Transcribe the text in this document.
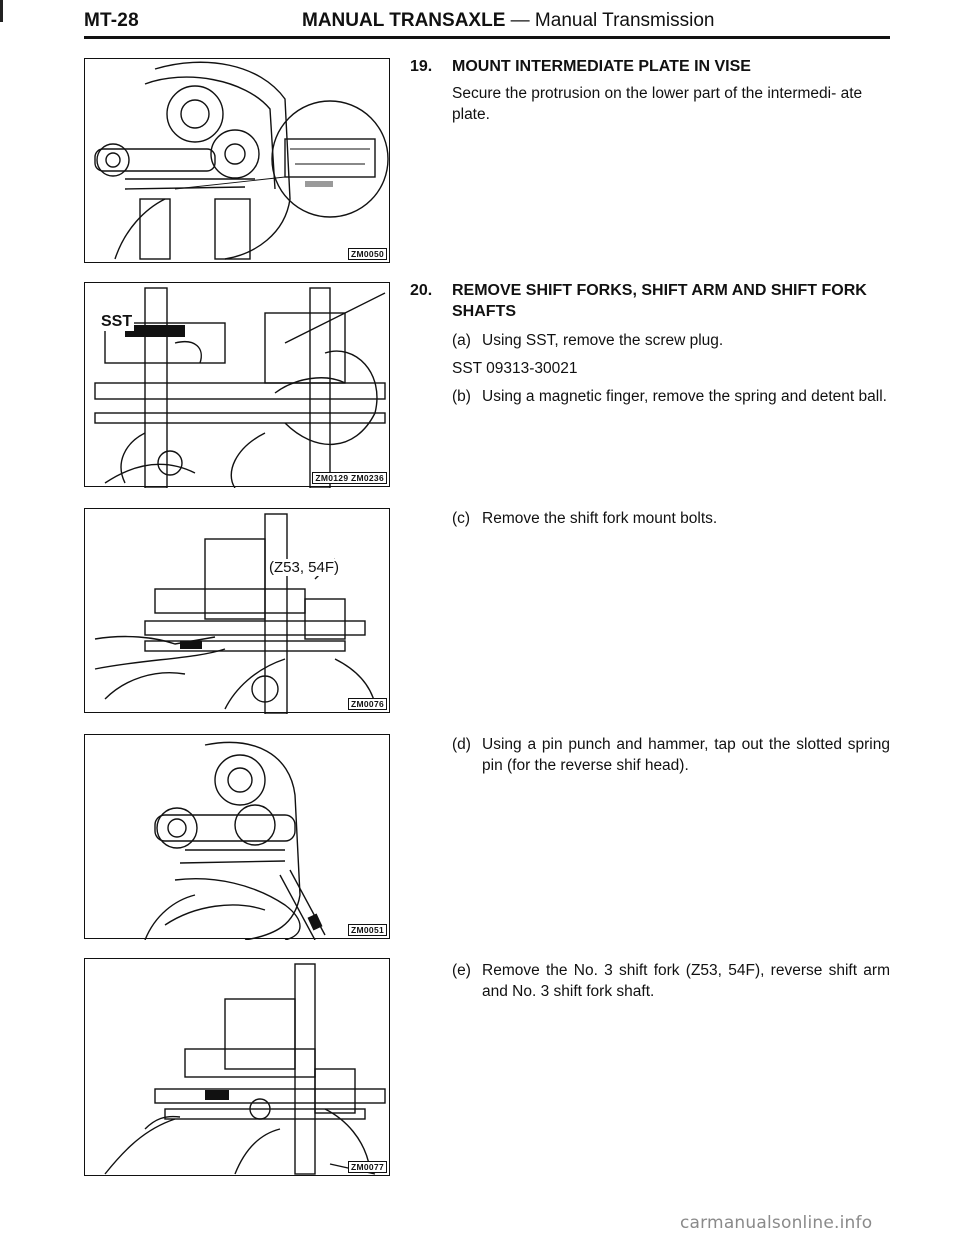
MT-28	MANUAL TRANSAXLE — Manual Transmission
ZM0050
SST
ZM0129 ZM0236
(Z53, 54F)
ZM0076
ZM0051
ZM0077
19. MOUNT INTERMEDIATE PLATE IN VISE
Secure the protrusion on the lower part of the intermedi- ate plate.
20. REMOVE SHIFT FORKS, SHIFT ARM AND SHIFT FORK SHAFTS
(a) Using SST, remove the screw plug.
SST 09313-30021
(b) Using a magnetic finger, remove the spring and detent ball.
(c) Remove the shift fork mount bolts.
(d) Using a pin punch and hammer, tap out the slotted spring pin (for the reverse shif head).
(e) Remove the No. 3 shift fork (Z53, 54F), reverse shift arm and No. 3 shift fork shaft.
carmanualsonline.info
